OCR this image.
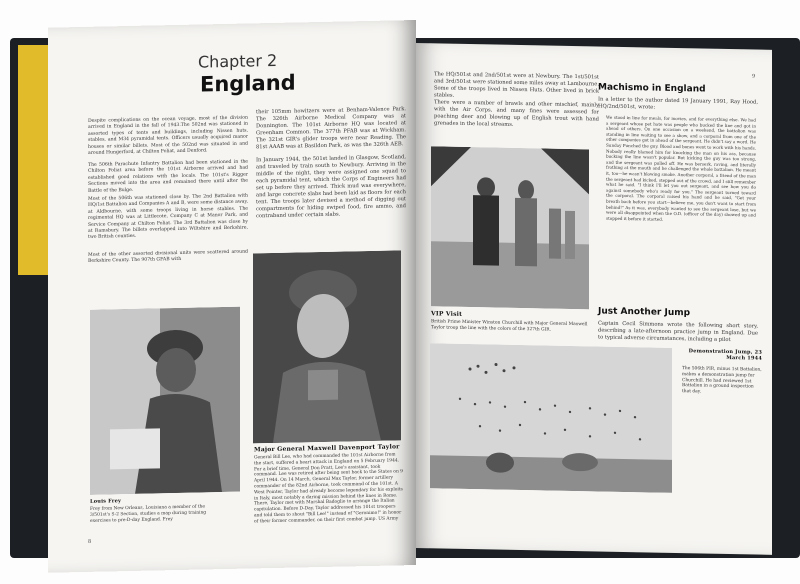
Chapter 2
England
Despite complications on the ocean voyage, most of the division arrived in England in the fall of 1943.The 502nd was stationed in assorted types of tents and buildings, including Nissen huts, stables, and M34 pyramidal tents. Officers usually acquired manor houses or similar billets. Most of the 502nd was situated in and around Hungerford, at Chilton Foliat, and Denford.
The 506th Parachute Infantry Battalion had been stationed in the Chilton Foliat area before the 101st Airborne arrived and had established good relations with the locals. The 101st's Rigger Sections moved into the area and remained there until after the Battle of the Bulge.
Most of the 506th was stationed close by. The 2nd Battalion with HQ/1st Battalion and Companies A and B, were some distance away, at Aldbourne, with some troops living in horse stables. The regimental HQ was at Littlecote, Company C at Manor Park, and Service Company at Chilton Foliat. The 3rd Battalion was close by at Ramsbury. The billets overlapped into Wiltshire and Berkshire, two British counties.
Most of the other assorted divisional units were scattered around Berkshire County. The 907th GFAB with
their 105mm howitzers were at Benham-Valence Park. The 326th Airborne Medical Company was at Donnington. The 101st Airborne HQ was located at Greenham Common. The 377th PFAB was at Wickham. The 321st GIR's glider troops were near Reading. The 81st AAAB was at Basildon Park, as was the 326th AEB.
In January 1944, the 501st landed in Glasgow, Scotland, and traveled by train south to Newbury. Arriving in the middle of the night, they were assigned one squad to each pyramidal tent, which the Corps of Engineers had set up before they arrived. Thick mud was everywhere, and large concrete slabs had been laid as floors for each tent. The troops later devised a method of digging out compartments for hiding swiped food, fire ammo, and contraband under certain slabs.
Major General Maxwell Davenport Taylor
General Bill Lee, who had commanded the 101st Airborne from the start, suffered a heart attack in England on 5 February 1944. For a brief time, General Don Pratt, Lee's assistant, took command. Lee was retired after being sent back to the States on 9 April 1944. On 14 March, General Max Taylor, former artillery commander of the 82nd Airborne, took command of the 101st. A West Pointer, Taylor had already become legendary for his exploits in Italy, most notably a daring mission behind the lines in Rome. There, Taylor met with Marshal Badoglio to arrange the Italian capitulation. Before D-Day, Taylor addressed his 101st troopers and told them to shout "Bill Lee!" instead of "Geronimo!" in honor of their former commander, on their first combat jump. US Army
Louis Frey
Frey from New Orleans, Louisiana a member of the 3/501st's S-2 Section, studies a map during training exercises to pre-D-day England. Frey
8
9
The HQ/501st and 2nd/501st were at Newbury. The 1st/501st and 3rd/501st were stationed some miles away at Lambourne. Some of the troops lived in Nissen Huts. Other lived in brick stables.
There were a number of brawls and other mischief, mainly with the Air Corps, and many fines were assessed for poaching deer and blowing up of English trout with hand grenades in the local streams.
VIP Visit
British Prime Minister Winston Churchill with Major General Maxwell Taylor troop the line with the colors of the 327th GIR.
Machismo in England
In a letter to the author dated 19 January 1991, Ray Hood, HQ/2nd/501st, wrote:
We stood in line for meals, for movies, and for everything else. We had a sergeant whose pet hate was people who bucked the line and got in ahead of others. On one occasion on a weekend, the battalion was standing in line waiting to see a show, and a corporal from one of the other companies got in ahead of the sergeant. He didn't say a word. He Sunday Punched the guy. Blood and bones went to work with his hands. Nobody really blamed him for knocking the man on his ass, because bucking the line wasn't popular. But kicking the guy was too strong, and the sergeant was pulled off. He was berserk, raving, and literally frothing at the mouth and he challenged the whole battalion. He meant it, too—he wasn't blowing smoke. Another corporal, a friend of the man the sergeant had kicked, stepped out of the crowd, and I still remember what he said. "I think I'll let you out sergeant, and see how you do against somebody who's ready for you." The sergeant turned toward the corporal. The corporal raised his hand and he said, "Get your breath back before you start—believe me, you don't want to start from behind!" As it was, everybody wanted to see the sergeant lose, but we were all disappointed when the O.D. (officer of the day) showed up and stopped it before it started.
Just Another Jump
Captain Cecil Simmons wrote the following short story, describing a late-afternoon practice jump in England. Due to typical adverse circumstances, including a pilot
Demonstration Jump, 23 March 1944
The 506th PIR, minus 1st Battalion, makes a demonstration jump for Churchill. He had reviewed 1st Battalion in a ground inspection that day.
